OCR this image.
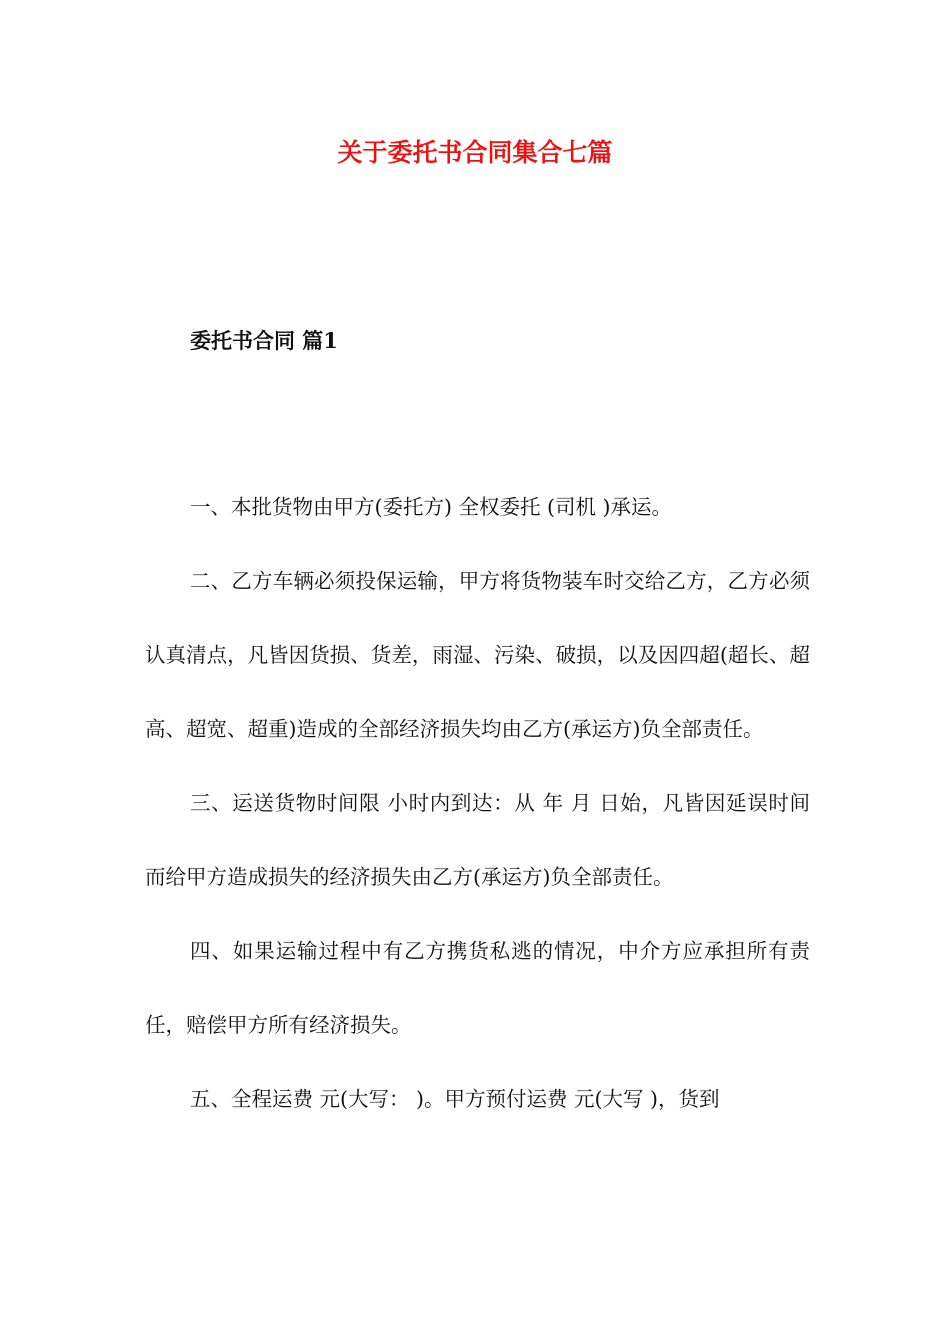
关于委托书合同集合七篇
委托书合同 篇1

一、本批货物由甲方(委托方) 全权委托 (司机 )承运。

二、乙方车辆必须投保运输，甲方将货物装车时交给乙方，乙方必须认真清点，凡皆因货损、货差，雨湿、污染、破损，以及因四超(超长、超高、超宽、超重)造成的全部经济损失均由乙方(承运方)负全部责任。

三、运送货物时间限 小时内到达：从 年 月 日始，凡皆因延误时间而给甲方造成损失的经济损失由乙方(承运方)负全部责任。

四、如果运输过程中有乙方携货私逃的情况，中介方应承担所有责任，赔偿甲方所有经济损失。

五、全程运费 元(大写： )。甲方预付运费 元(大写 )，货到
